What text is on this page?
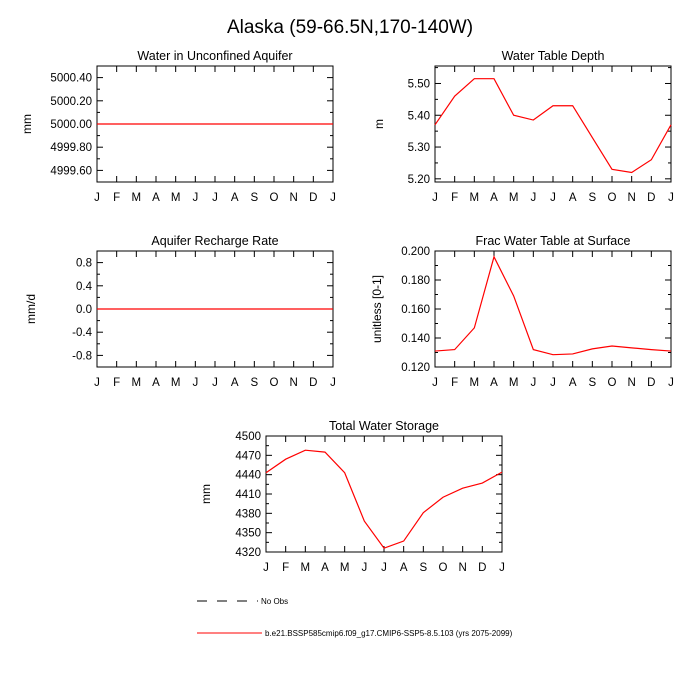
Alaska (59-66.5N,170-140W)
Water in Unconfined Aquifer
J F M A M J J A S O N D J
4999.60
4999.80
5000.00
5000.20
5000.40
mm
Water Table Depth
J F M A M J J A S O N D J
5.20
5.30
5.40
5.50
m
Aquifer Recharge Rate
J F M A M J J A S O N D J
-0.8
-0.4
0.0
0.4
0.8
mm/d
Frac Water Table at Surface
J F M A M J J A S O N D J
0.120
0.140
0.160
0.180
0.200
unitless [0-1]
Total Water Storage
J F M A M J J A S O N D J
4320
4350
4380
4410
4440
4470
4500
mm
No Obs
b.e21.BSSP585cmip6.f09_g17.CMIP6-SSP5-8.5.103 (yrs 2075-2099)
